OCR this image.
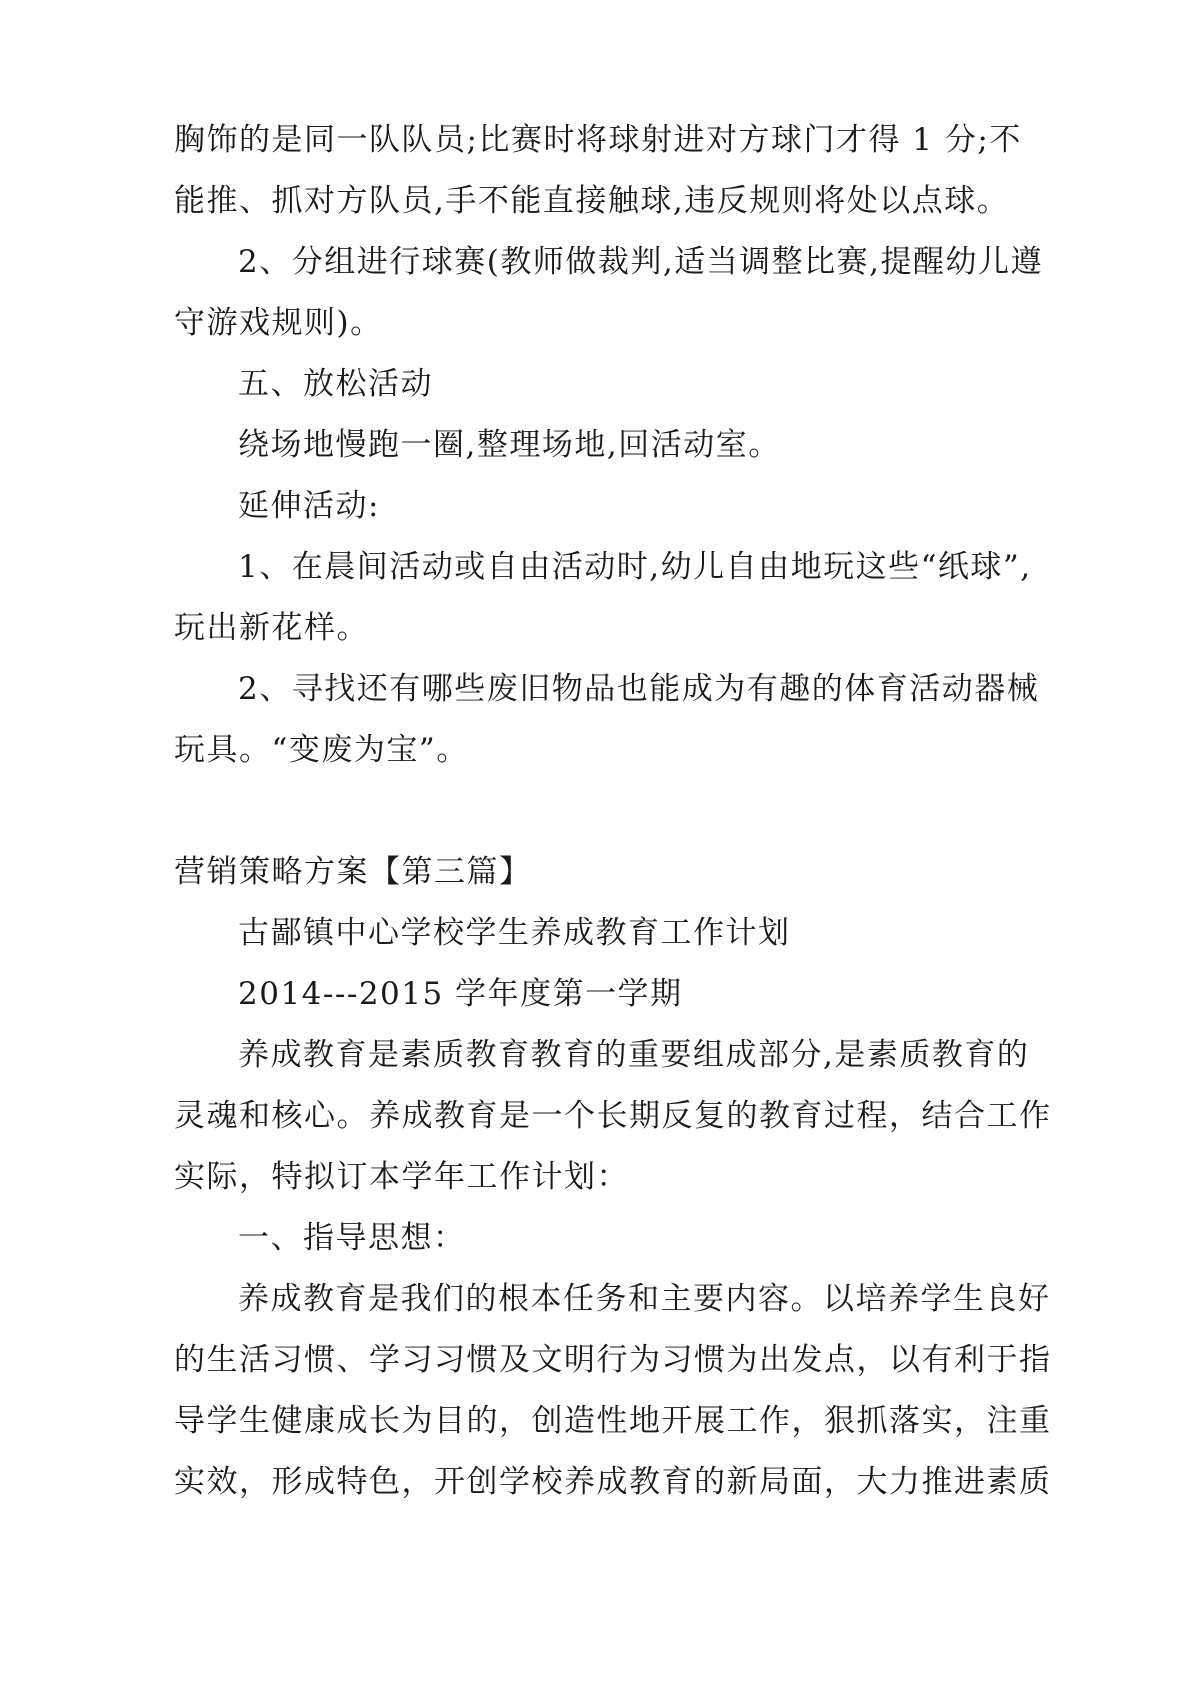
胸饰的是同一队队员;比赛时将球射进对方球门才得 1 分;不
能推、抓对方队员,手不能直接触球,违反规则将处以点球。
2、分组进行球赛(教师做裁判,适当调整比赛,提醒幼儿遵
守游戏规则)。
五、放松活动
绕场地慢跑一圈,整理场地,回活动室。
延伸活动:
1、在晨间活动或自由活动时,幼儿自由地玩这些“纸球”,
玩出新花样。
2、寻找还有哪些废旧物品也能成为有趣的体育活动器械
玩具。“变废为宝”。
营销策略方案【第三篇】
古鄙镇中心学校学生养成教育工作计划
2014---2015 学年度第一学期
养成教育是素质教育教育的重要组成部分,是素质教育的
灵魂和核心。养成教育是一个长期反复的教育过程，结合工作
实际，特拟订本学年工作计划：
一、指导思想：
养成教育是我们的根本任务和主要内容。以培养学生良好
的生活习惯、学习习惯及文明行为习惯为出发点，以有利于指
导学生健康成长为目的，创造性地开展工作，狠抓落实，注重
实效，形成特色，开创学校养成教育的新局面，大力推进素质
